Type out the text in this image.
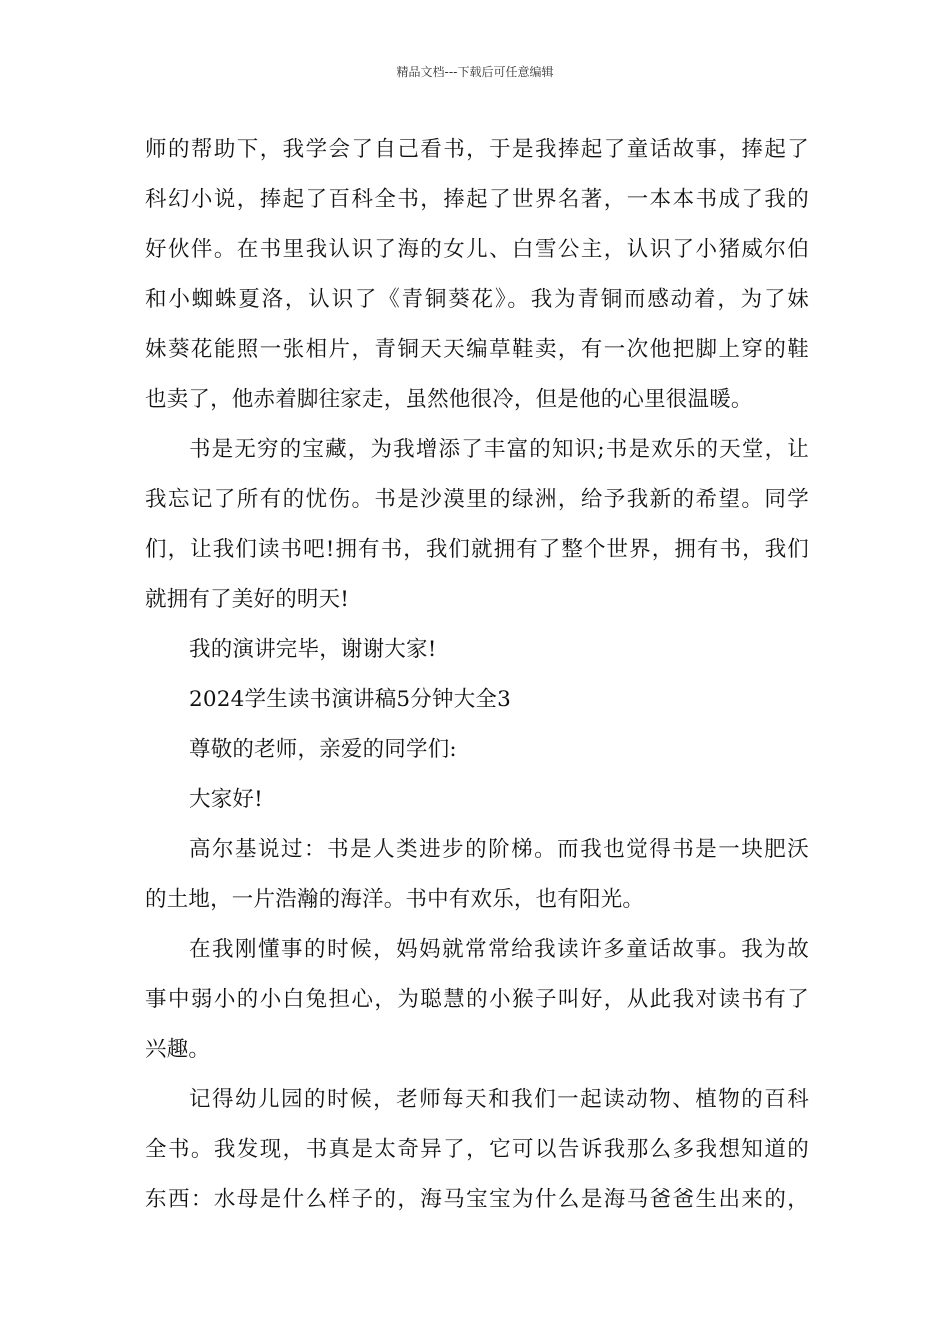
精品文档---下载后可任意编辑
师的帮助下，我学会了自己看书，于是我捧起了童话故事，捧起了
科幻小说，捧起了百科全书，捧起了世界名著，一本本书成了我的
好伙伴。在书里我认识了海的女儿、白雪公主，认识了小猪威尔伯
和小蜘蛛夏洛，认识了《青铜葵花》。我为青铜而感动着，为了妹
妹葵花能照一张相片，青铜天天编草鞋卖，有一次他把脚上穿的鞋
也卖了，他赤着脚往家走，虽然他很冷，但是他的心里很温暖。
书是无穷的宝藏，为我增添了丰富的知识;书是欢乐的天堂，让
我忘记了所有的忧伤。书是沙漠里的绿洲，给予我新的希望。同学
们，让我们读书吧!拥有书，我们就拥有了整个世界，拥有书，我们
就拥有了美好的明天!
我的演讲完毕，谢谢大家!
2024学生读书演讲稿5分钟大全3
尊敬的老师，亲爱的同学们:
大家好!
高尔基说过：书是人类进步的阶梯。而我也觉得书是一块肥沃
的土地，一片浩瀚的海洋。书中有欢乐，也有阳光。
在我刚懂事的时候，妈妈就常常给我读许多童话故事。我为故
事中弱小的小白兔担心，为聪慧的小猴子叫好，从此我对读书有了
兴趣。
记得幼儿园的时候，老师每天和我们一起读动物、植物的百科
全书。我发现，书真是太奇异了，它可以告诉我那么多我想知道的
东西：水母是什么样子的，海马宝宝为什么是海马爸爸生出来的，
